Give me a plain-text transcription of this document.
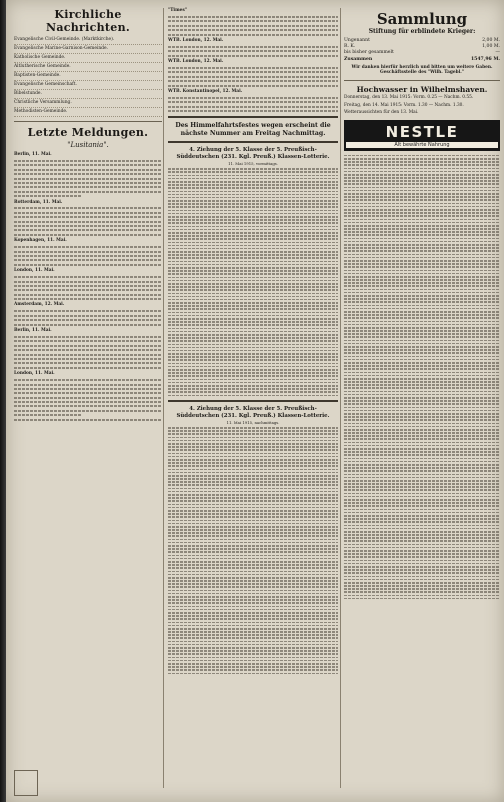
Kirchliche Nachrichten.
Evangelische Civil-Gemeinde. (Marktkirche).
Evangelische Marine-Garnison-Gemeinde.
Katholische Gemeinde.
Altlutherische Gemeinde.
Baptisten-Gemeinde.
Evangelische Gemeinschaft.
Bibelstunde.
Christliche Versammlung.
Methodisten-Gemeinde.
Letzte Meldungen.
"Lusitania".
Berlin, 11. Mai.
Rotterdam, 11. Mai.
Kopenhagen, 11. Mai.
London, 11. Mai.
Amsterdam, 12. Mai.
Berlin, 11. Mai.
London, 11. Mai.
"Times"
WTB. London, 12. Mai.
WTB. London, 12. Mai.
WTB. Konstantinopel, 12. Mai.
Des Himmelfahrtsfestes wegen erscheint die nächste Nummer am Freitag Nachmittag.
4. Ziehung der 5. Klasse der 5. Preußisch-Süddeutschen (231. Kgl. Preuß.) Klassen-Lotterie.
11. Mai 1915, vormittags.
4. Ziehung der 5. Klasse der 5. Preußisch-Süddeutschen (231. Kgl. Preuß.) Klassen-Lotterie.
11. Mai 1915, nachmittags.
Sammlung
Stiftung für erblindete Krieger:
Ungenannt	2,00 M.
R. K.	1,00 M.
bis bisher gesammelt	—
Zusammen	1547,96 M.
Wir danken hierfür herzlich und bitten um weitere Gaben. Geschäftsstelle des "Wilh. Tagebl."
Hochwasser in Wilhelmshaven.
Donnerstag, den 13. Mai 1915: Vorm. 0.25 — Nachm. 0.55.
Freitag, den 14. Mai 1915: Vorm. 1.30 — Nachm. 1.30.
Wetteraussichten für den 13. Mai.
NESTLE
Alt bewährte Nahrung
